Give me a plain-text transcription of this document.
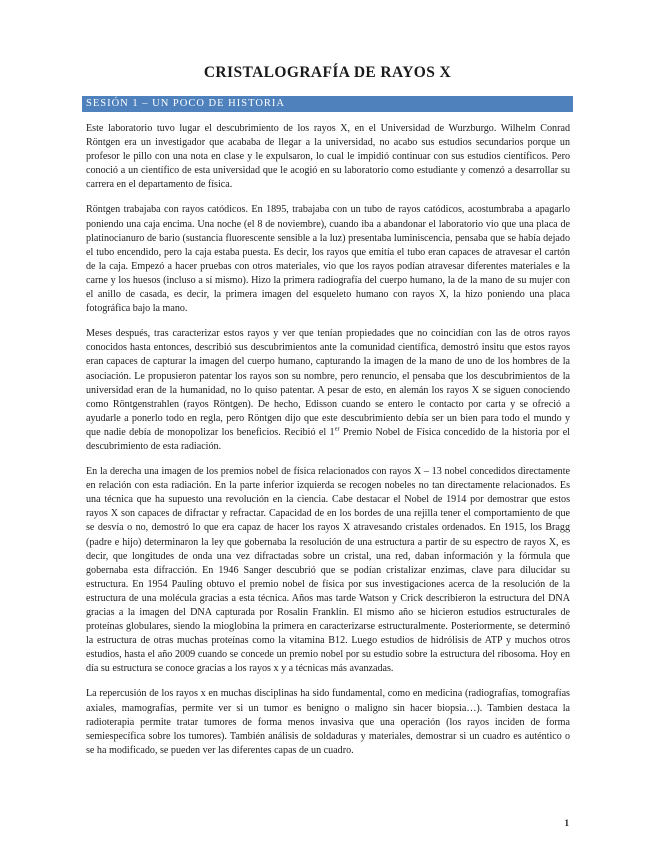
CRISTALOGRAFÍA DE RAYOS X
SESIÓN 1 – UN POCO DE HISTORIA

Este laboratorio tuvo lugar el descubrimiento de los rayos X, en el Universidad de Wurzburgo. Wilhelm Conrad Röntgen era un investigador que acababa de llegar a la universidad, no acabo sus estudios secundarios porque un profesor le pillo con una nota en clase y le expulsaron, lo cual le impidió continuar con sus estudios científicos. Pero conoció a un científico de esta universidad que le acogió en su laboratorio como estudiante y comenzó a desarrollar su carrera en el departamento de física.

Röntgen trabajaba con rayos catódicos. En 1895, trabajaba con un tubo de rayos catódicos, acostumbraba a apagarlo poniendo una caja encima. Una noche (el 8 de noviembre), cuando iba a abandonar el laboratorio vio que una placa de platinocianuro de bario (sustancia fluorescente sensible a la luz) presentaba luminiscencia, pensaba que se había dejado el tubo encendido, pero la caja estaba puesta. Es decir, los rayos que emitía el tubo eran capaces de atravesar el cartón de la caja. Empezó a hacer pruebas con otros materiales, vio que los rayos podían atravesar diferentes materiales e la carne y los huesos (incluso a sí mismo). Hizo la primera radiografía del cuerpo humano, la de la mano de su mujer con el anillo de casada, es decir, la primera imagen del esqueleto humano con rayos X, la hizo poniendo una placa fotográfica bajo la mano.

Meses después, tras caracterizar estos rayos y ver que tenían propiedades que no coincidían con las de otros rayos conocidos hasta entonces, describió sus descubrimientos ante la comunidad científica, demostró insitu que estos rayos eran capaces de capturar la imagen del cuerpo humano, capturando la imagen de la mano de uno de los hombres de la asociación. Le propusieron patentar los rayos son su nombre, pero renuncio, el pensaba que los descubrimientos de la universidad eran de la humanidad, no lo quiso patentar. A pesar de esto, en alemán los rayos X se siguen conociendo como Röntgenstrahlen (rayos Röntgen). De hecho, Edisson cuando se entero le contacto por carta y se ofreció a ayudarle a ponerlo todo en regla, pero Röntgen dijo que este descubrimiento debía ser un bien para todo el mundo y que nadie debía de monopolizar los beneficios. Recibió el 1er Premio Nobel de Física concedido de la historia por el descubrimiento de esta radiación.

En la derecha una imagen de los premios nobel de física relacionados con rayos X – 13 nobel concedidos directamente en relación con esta radiación. En la parte inferior izquierda se recogen nobeles no tan directamente relacionados. Es una técnica que ha supuesto una revolución en la ciencia. Cabe destacar el Nobel de 1914 por demostrar que estos rayos X son capaces de difractar y refractar. Capacidad de en los bordes de una rejilla tener el comportamiento de que se desvía o no, demostró lo que era capaz de hacer los rayos X atravesando cristales ordenados. En 1915, los Bragg (padre e hijo) determinaron la ley que gobernaba la resolución de una estructura a partir de su espectro de rayos X, es decir, que longitudes de onda una vez difractadas sobre un cristal, una red, daban información y la fórmula que gobernaba esta difracción. En 1946 Sanger descubrió que se podían cristalizar enzimas, clave para dilucidar su estructura. En 1954 Pauling obtuvo el premio nobel de física por sus investigaciones acerca de la resolución de la estructura de una molécula gracias a esta técnica. Años mas tarde Watson y Crick describieron la estructura del DNA gracias a la imagen del DNA capturada por Rosalin Franklin. El mismo año se hicieron estudios estructurales de proteínas globulares, siendo la mioglobina la primera en caracterizarse estructuralmente. Posteriormente, se determinó la estructura de otras muchas proteínas como la vitamina B12. Luego estudios de hidrólisis de ATP y muchos otros estudios, hasta el año 2009 cuando se concede un premio nobel por su estudio sobre la estructura del ribosoma. Hoy en día su estructura se conoce gracias a los rayos x y a técnicas más avanzadas.

La repercusión de los rayos x en muchas disciplinas ha sido fundamental, como en medicina (radiografías, tomografías axiales, mamografías, permite ver si un tumor es benigno o maligno sin hacer biopsia…). Tambien destaca la radioterapia permite tratar tumores de forma menos invasiva que una operación (los rayos inciden de forma semiespecífica sobre los tumores). También análisis de soldaduras y materiales, demostrar si un cuadro es auténtico o se ha modificado, se pueden ver las diferentes capas de un cuadro.

1
